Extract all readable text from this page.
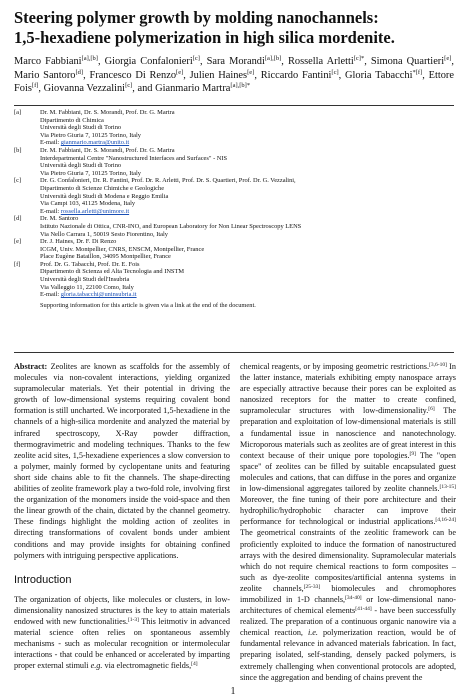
Steering polymer growth by molding nanochannels:
1,5-hexadiene polymerization in high silica mordenite.
Marco Fabbiani[a],[b], Giorgia Confalonieri[c], Sara Morandi[a],[b], Rossella Arletti$^{[c]*}$, Simona Quartieri[e], Mario Santoro[d], Francesco Di Renzo[e], Julien Haines[e], Riccardo Fantini[c], Gloria Tabacchi$^{*[f]}$, Ettore Fois[f], Giovanna Vezzalini[c], and Gianmario Martra$^{[a],[b]*}$
[a]	Dr. M. Fabbiani, Dr. S. Morandi, Prof. Dr. G. Martra
Dipartimento di Chimica
Università degli Studi di Torino
Via Pietro Giuria 7, 10125 Torino, Italy
E-mail: gianmario.martra@unito.it
[b]	Dr. M. Fabbiani, Dr. S. Morandi, Prof. Dr. G. Martra
Interdepartmental Centre "Nanostructured Interfaces and Surfaces" - NIS
Università degli Studi di Torino
Via Pietro Giuria 7, 10125 Torino, Italy
[c]	Dr. G. Confalonieri, Dr. R. Fantini, Prof. Dr. R. Arletti, Prof. Dr. S. Quartieri, Prof. Dr. G. Vezzalini,
Dipartimento di Scienze Chimiche e Geologiche
Università degli Studi di Modena e Reggio Emilia
Via Campi 103, 41125 Modena, Italy
E-mail: rossella.arletti@unimore.it
[d]	Dr. M. Santoro
Istituto Nazionale di Ottica, CNR-INO, and European Laboratory for Non Linear Spectroscopy LENS
Via Nello Carrara 1, 50019 Sesto Fiorentino, Italy
[e]	Dr. J. Haines, Dr. F. Di Renzo
ICGM, Univ. Montpellier, CNRS, ENSCM, Montpellier, France
Place Eugène Bataillon, 34095 Montpellier, France
[f]	Prof. Dr. G. Tabacchi, Prof. Dr. E. Fois
Dipartimento di Scienza ed Alta Tecnologia and INSTM
Università degli Studi dell'Insubria
Via Valleggio 11, 22100 Como, Italy
E-mail: gloria.tabacchi@uninsubria.it
Supporting information for this article is given via a link at the end of the document.

Abstract: Zeolites are known as scaffolds for the assembly of molecules via non-covalent interactions, yielding organized supramolecular materials. Yet their potential in driving the growth of low-dimensional systems requiring covalent bond formation is still uncharted. We incorporated 1,5-hexadiene in the channels of a high-silica mordenite and analyzed the material by infrared spectroscopy, X-Ray powder diffraction, thermogravimetric and modeling techniques. Thanks to the few zeolite acid sites, 1,5-hexadiene experiences a slow conversion to a polymer, mainly formed by cyclopentane units and featuring short side chains able to fit the channels. The shape-directing abilities of zeolite framework play a two-fold role, involving first the organization of the monomers inside the void-space and then the linear growth of the chain, dictated by the channel geometry. These findings highlight the molding action of zeolites in directing transformations of covalent bonds under ambient conditions and may provide insights for obtaining confined polymers with intriguing perspective applications.

Introduction

The organization of objects, like molecules or clusters, in low-dimensionality nanosized structures is the key to attain materials endowed with new functionalities.[1-3] This leitmotiv in advanced material science often relies on spontaneous assembly mechanisms - such as molecular recognition or intermolecular interactions - that could be enhanced or accelerated by imparting proper external stimuli e.g. via electromagnetic fields,[4]

chemical reagents, or by imposing geometric restrictions.[3,6-10] In the latter instance, materials exhibiting empty nanospace arrays are especially attractive because their pores can be exploited as nanosized receptors for the matter to create confined, supramolecular structures with low-dimensionality.[6] The preparation and exploitation of low-dimensional materials is still a fundamental issue in nanoscience and nanotechnology. Microporous materials such as zeolites are of great interest in this context because of their unique pore topologies.[9] The "open space" of zeolites can be filled by suitable encapsulated guest molecules and cations, that can diffuse in the pores and organize in low-dimensional aggregates tailored by zeolite channels.[13-15] Moreover, the fine tuning of their pore architecture and their hydrophilic/hydrophobic character can improve their performance for technological or industrial applications.[4,16-24] The geometrical constraints of the zeolitic framework can be proficiently exploited to induce the formation of nanostructured arrays with the desired dimensionality. Supramolecular materials which do not require chemical reactions to form composites – such as dye-zeolite composites/artificial antenna systems in zeolite channels,[25-33] biomolecules and chromophores immobilized in 1-D channels,[34-40] or low-dimensional nano-architectures of chemical elements[41-44] - have been successfully realized. The preparation of a continuous organic nanowire via a chemical reaction, i.e. polymerization reaction, would be of fundamental relevance in advanced materials fabrication. In fact, preparing isolated, self-standing, densely packed polymers, is extremely challenging when conventional protocols are adopted, since the aggregation and bending of chains prevent the

1
